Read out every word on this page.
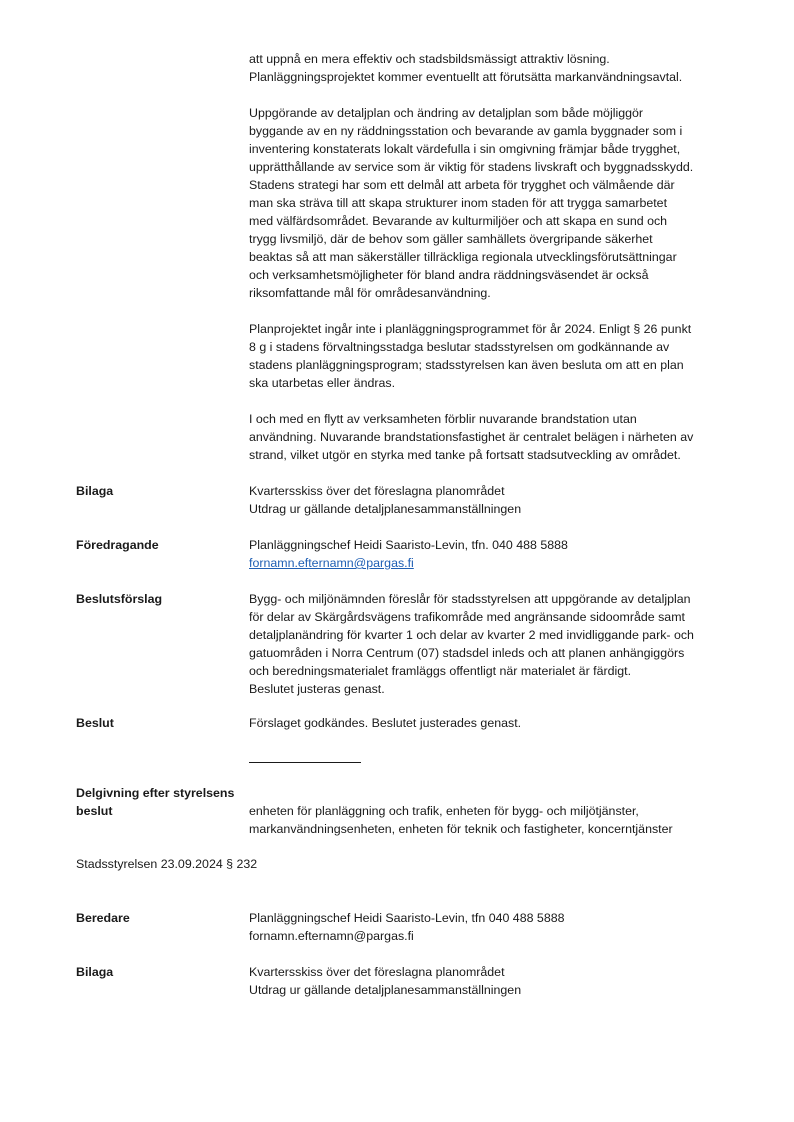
att uppnå en mera effektiv och stadsbildsmässigt attraktiv lösning.
Planläggningsprojektet kommer eventuellt att förutsätta markanvändningsavtal.
Uppgörande av detaljplan och ändring av detaljplan som både möjliggör
byggande av en ny räddningsstation och bevarande av gamla byggnader som i
inventering konstaterats lokalt värdefulla i sin omgivning främjar både trygghet,
upprätthållande av service som är viktig för stadens livskraft och byggnadsskydd.
Stadens strategi har som ett delmål att arbeta för trygghet och välmående där
man ska sträva till att skapa strukturer inom staden för att trygga samarbetet
med välfärdsområdet. Bevarande av kulturmiljöer och att skapa en sund och
trygg livsmiljö, där de behov som gäller samhällets övergripande säkerhet
beaktas så att man säkerställer tillräckliga regionala utvecklingsförutsättningar
och verksamhetsmöjligheter för bland andra räddningsväsendet är också
riksomfattande mål för områdesanvändning.
Planprojektet ingår inte i planläggningsprogrammet för år 2024. Enligt § 26 punkt
8 g i stadens förvaltningsstadga beslutar stadsstyrelsen om godkännande av
stadens planläggningsprogram; stadsstyrelsen kan även besluta om att en plan
ska utarbetas eller ändras.
I och med en flytt av verksamheten förblir nuvarande brandstation utan
användning. Nuvarande brandstationsfastighet är centralet belägen i närheten av
strand, vilket utgör en styrka med tanke på fortsatt stadsutveckling av området.
Bilaga	Kvartersskiss över det föreslagna planområdet
Utdrag ur gällande detaljplanesammanställningen
Föredragande	Planläggningschef Heidi Saaristo-Levin, tfn. 040 488 5888
fornamn.efternamn@pargas.fi
Beslutsförslag	Bygg- och miljönämnden föreslår för stadsstyrelsen att uppgörande av detaljplan
för delar av Skärgårdsvägens trafikområde med angränsande sidoområde samt
detaljplanändring för kvarter 1 och delar av kvarter 2 med invidliggande park- och
gatuområden i Norra Centrum (07) stadsdel inleds och att planen anhängiggörs
och beredningsmaterialet framläggs offentligt när materialet är färdigt.
Beslutet justeras genast.
Beslut	Förslaget godkändes. Beslutet justerades genast.
Delgivning efter styrelsens
beslut	enheten för planläggning och trafik, enheten för bygg- och miljötjänster,
markanvändningsenheten, enheten för teknik och fastigheter, koncerntjänster
Stadsstyrelsen 23.09.2024 § 232
Beredare	Planläggningschef Heidi Saaristo-Levin, tfn 040 488 5888
fornamn.efternamn@pargas.fi
Bilaga	Kvartersskiss över det föreslagna planområdet
Utdrag ur gällande detaljplanesammanställningen
